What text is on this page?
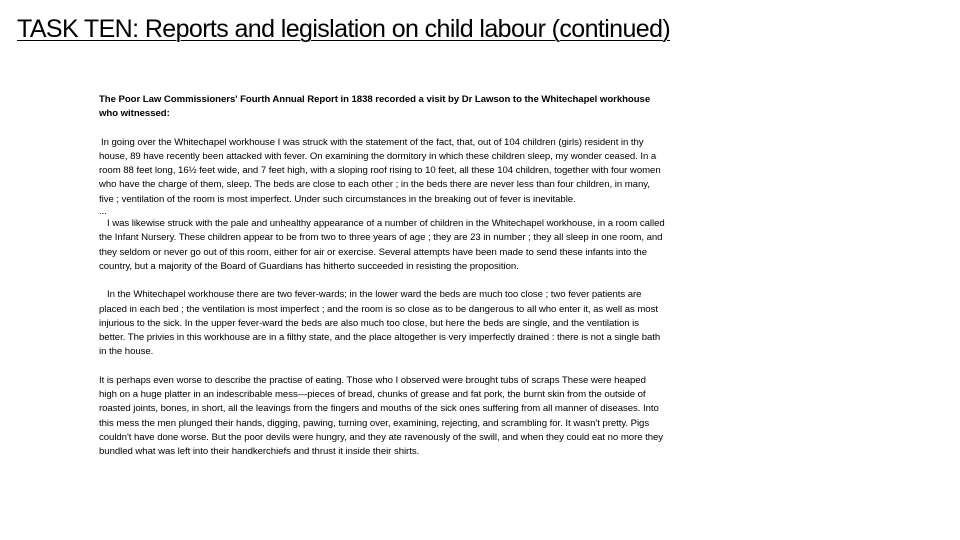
TASK TEN: Reports and legislation on child labour (continued)

The Poor Law Commissioners' Fourth Annual Report in 1838 recorded a visit by Dr Lawson to the Whitechapel workhouse who witnessed:

In going over the Whitechapel workhouse I was struck with the statement of the fact, that, out of 104 children (girls) resident in thy house, 89 have recently been attacked with fever. On examining the dormitory in which these children sleep, my wonder ceased. In a room 88 feet long, 16½ feet wide, and 7 feet high, with a sloping roof rising to 10 feet, all these 104 children, together with four women who have the charge of them, sleep. The beds are close to each other ; in the beds there are never less than four children, in many, five ; ventilation of the room is most imperfect. Under such circumstances in the breaking out of fever is inevitable.

...

I was likewise struck with the pale and unhealthy appearance of a number of children in the Whitechapel workhouse, in a room called the Infant Nursery. These children appear to be from two to three years of age ; they are 23 in number ; they all sleep in one room, and they seldom or never go out of this room, either for air or exercise. Several attempts have been made to send these infants into the country, but a majority of the Board of Guardians has hitherto succeeded in resisting the proposition.

In the Whitechapel workhouse there are two fever-wards; in the lower ward the beds are much too close ; two fever patients are placed in each bed ; the ventilation is most imperfect ; and the room is so close as to be dangerous to all who enter it, as well as most injurious to the sick. In the upper fever-ward the beds are also much too close, but here the beds are single, and the ventilation is better. The privies in this workhouse are in a filthy state, and the place altogether is very imperfectly drained : there is not a single bath in the house.

It is perhaps even worse to describe the practise of eating. Those who I observed were brought tubs of scraps These were heaped high on a huge platter in an indescribable mess—pieces of bread, chunks of grease and fat pork, the burnt skin from the outside of roasted joints, bones, in short, all the leavings from the fingers and mouths of the sick ones suffering from all manner of diseases. Into this mess the men plunged their hands, digging, pawing, turning over, examining, rejecting, and scrambling for. It wasn't pretty. Pigs couldn't have done worse. But the poor devils were hungry, and they ate ravenously of the swill, and when they could eat no more they bundled what was left into their handkerchiefs and thrust it inside their shirts.
